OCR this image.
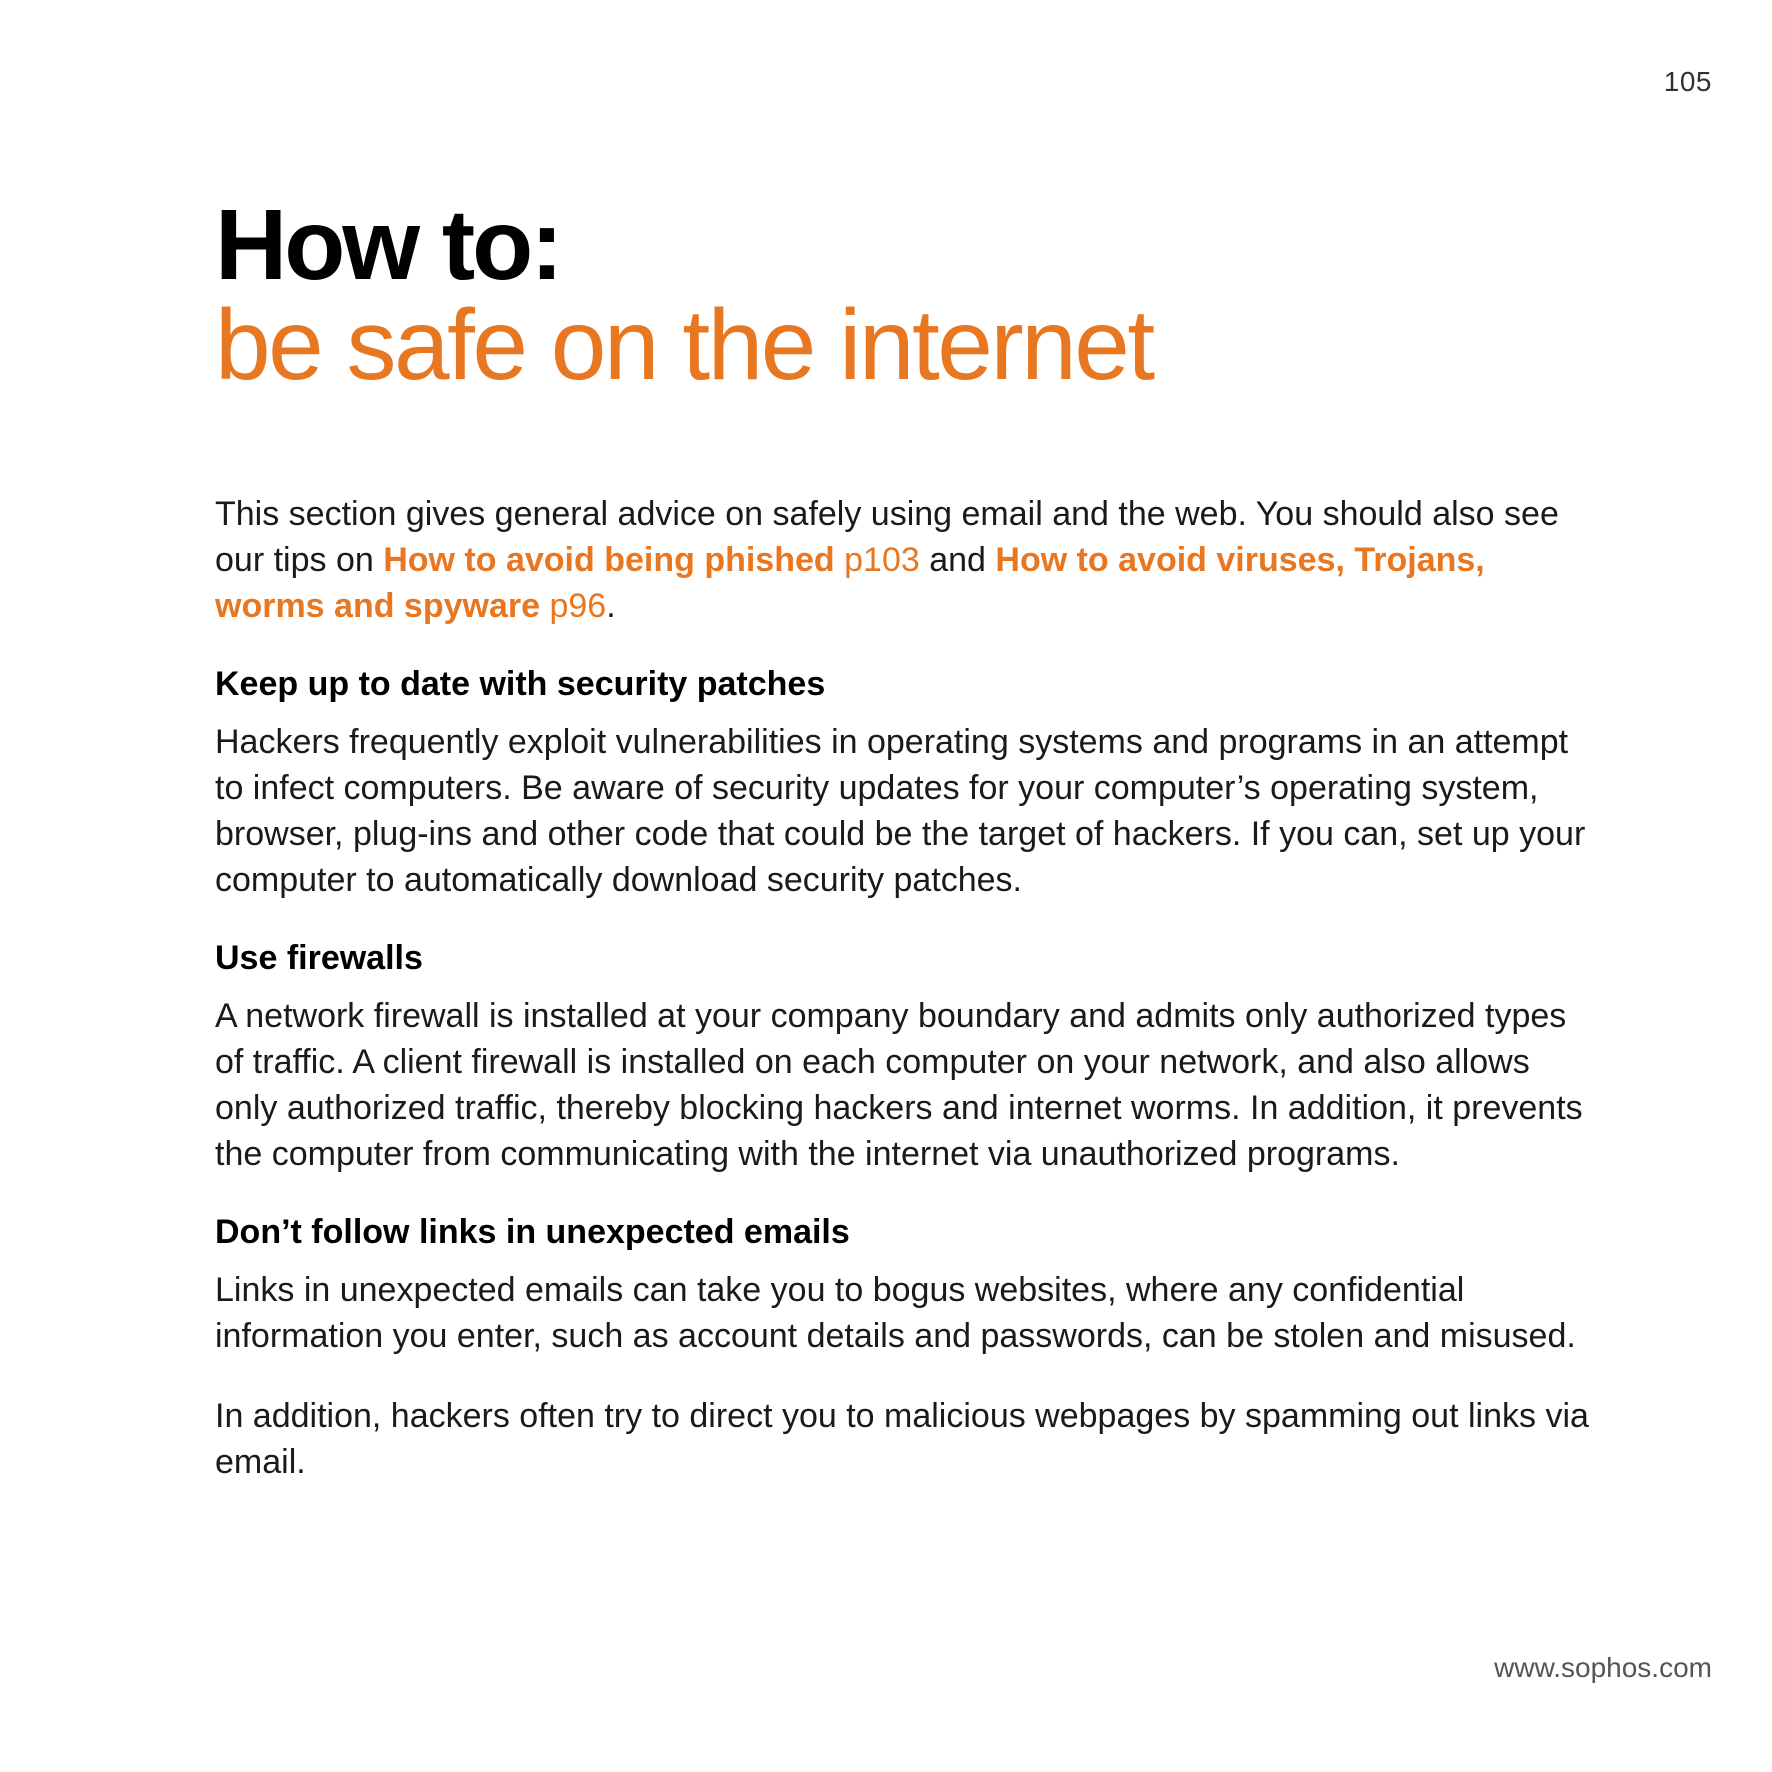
105
How to:
be safe on the internet

This section gives general advice on safely using email and the web. You should also see our tips on How to avoid being phished p103 and How to avoid viruses, Trojans, worms and spyware p96.

Keep up to date with security patches

Hackers frequently exploit vulnerabilities in operating systems and programs in an attempt to infect computers. Be aware of security updates for your computer’s operating system, browser, plug-ins and other code that could be the target of hackers. If you can, set up your computer to automatically download security patches.

Use firewalls

A network firewall is installed at your company boundary and admits only authorized types of traffic. A client firewall is installed on each computer on your network, and also allows only authorized traffic, thereby blocking hackers and internet worms. In addition, it prevents the computer from communicating with the internet via unauthorized programs.

Don’t follow links in unexpected emails

Links in unexpected emails can take you to bogus websites, where any confidential information you enter, such as account details and passwords, can be stolen and misused.

In addition, hackers often try to direct you to malicious webpages by spamming out links via email.

www.sophos.com
